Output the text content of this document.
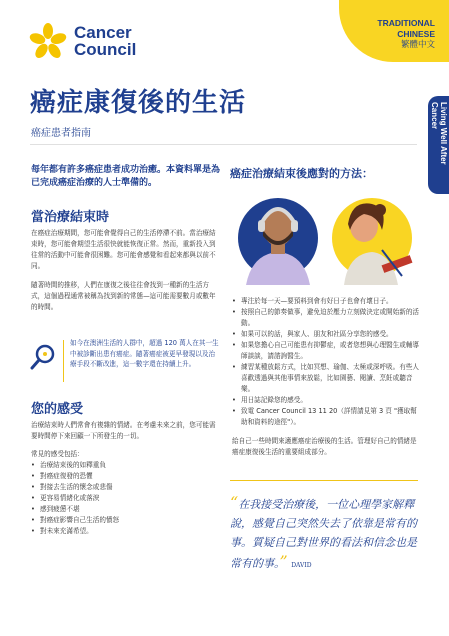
Cancer
Council
TRADITIONAL
CHINESE
繁體中文
癌症康復後的生活
癌症患者指南	Living Well After Cancer
每年都有許多癌症患者成功治癒。本資料單是為已完成癌症治療的人士準備的。
當治療結束時
在癌症治療期間，您可能會覺得自己的生活停滯不前。當治療結束時，您可能會期望生活很快就能恢復正常。然而，重新投入到往常的活動中可能會很困難。您可能會感覺和看起來都與以前不同。
隨著時間的推移，人們在康復之後往往會找到一種新的生活方式，這個過程通常被稱為找到新的常態—這可能需要數月或數年的時間。
如今在澳洲生活的人群中，超過 120 萬人在其一生中被診斷出患有癌症。隨著癌症被更早發現以及治療手段不斷改進，這一數字還在持續上升。
您的感受
治療結束時人們常會有複雜的情緒。在考慮未來之前，您可能需要時間停下來回顧一下所發生的一切。
常見的感受包括：
• 治療結束後的如釋重負
• 對癌症復發的恐懼
• 對接去生活的懷念或悲傷
• 更容易情緒化或落淚
• 感到疲憊不堪
• 對癌症影響自己生活的憤怒
• 對未來充滿希望。
癌症治療結束後應對的方法：
• 專注於每一天—要預料到會有好日子也會有壞日子。
• 按照自己的節奏做事，避免迫於壓力立刻做決定或開始新的活動。
• 如果可以的話，與家人、朋友和社區分享您的感受。
• 如果您擔心自己可能患有抑鬱症，或者您想與心理醫生或輔導師談談，請諮詢醫生。
• 練習某種放鬆方式，比如冥想、瑜伽、太極或深呼吸。有些人喜歡透過與其他事情來放鬆，比如園藝、閱讀、烹飪或聽音樂。
• 用日誌記錄您的感受。
• 致電 Cancer Council 13 11 20（詳情請見第 3 頁 "獲取幫助和資料的途徑"）。
給自己一些時間來適應癌症治療後的生活。管理好自己的情緒是癌症康復後生活的重要組成部分。
“在我接受治療後，一位心理學家解釋說，感覺自己突然失去了依靠是常有的事。質疑自己對世界的看法和信念也是常有的事。” DAVID
